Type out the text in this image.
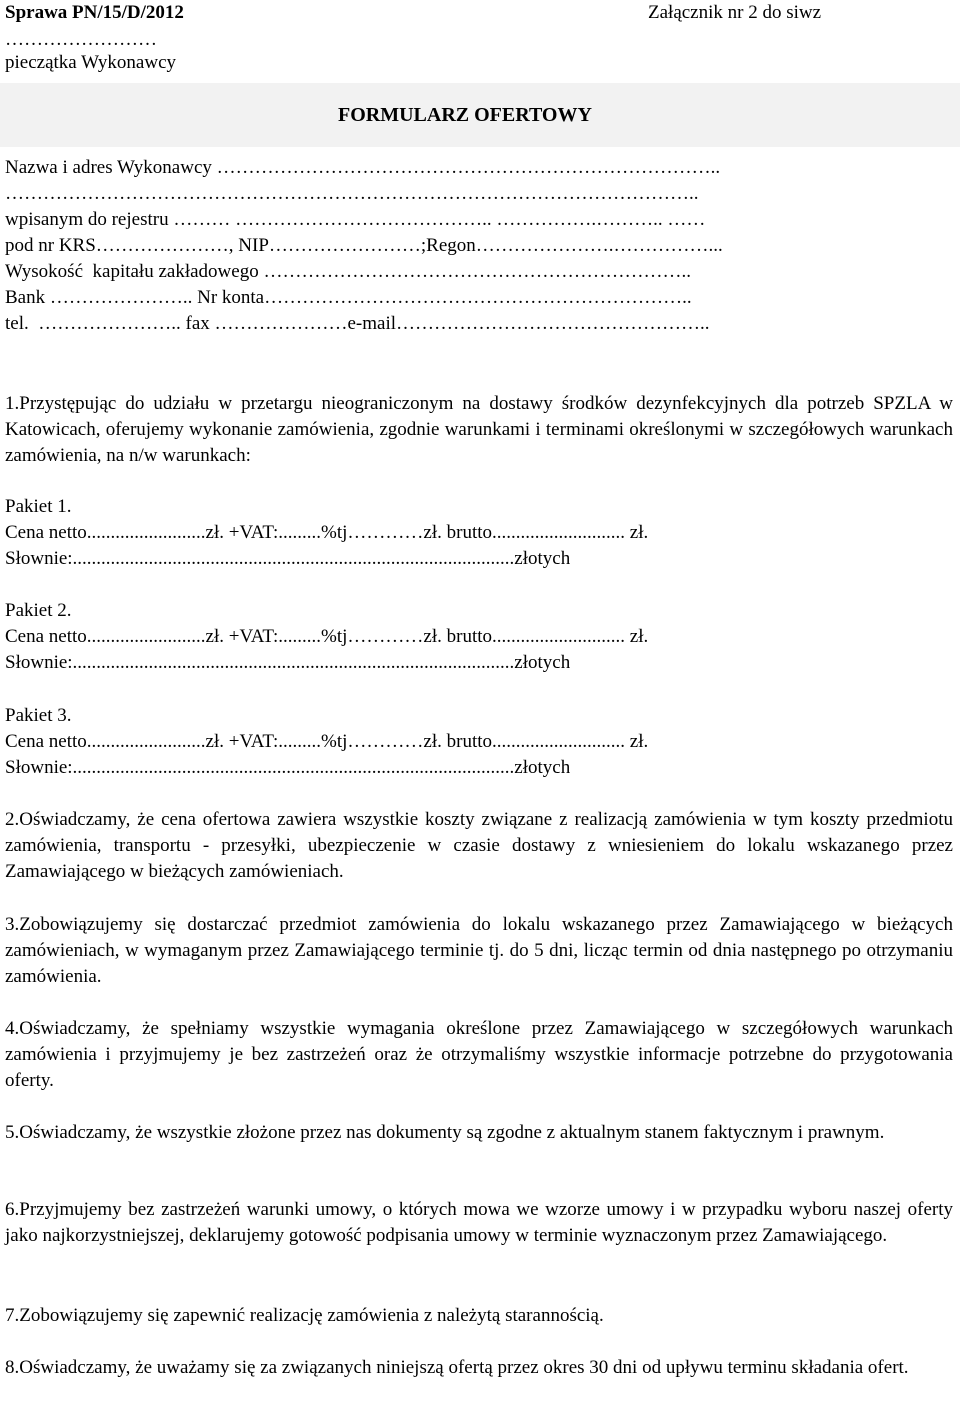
Sprawa PN/15/D/2012	Załącznik nr 2 do siwz
……………………
pieczątka Wykonawcy
FORMULARZ OFERTOWY
Nazwa i adres Wykonawcy ……………………………………………………………………..
………………………………………………………………………………………………..
wpisanym do rejestru ……… ………………………………….. …………….……….. ……
pod nr KRS…………………, NIP……………………;Regon………………….……………...
Wysokość  kapitału zakładowego …………………………………………………………..
Bank ………………….. Nr konta…………………………………………………………..
tel.  ………………….. fax …………………e-mail…………………………………………..
1.Przystępując do udziału w przetargu nieograniczonym na dostawy środków dezynfekcyjnych dla potrzeb SPZLA w Katowicach, oferujemy wykonanie zamówienia, zgodnie warunkami i terminami określonymi w szczegółowych warunkach zamówienia, na n/w warunkach:
Pakiet 1.
Cena netto.........................zł. +VAT:.........%tj…………zł. brutto............................ zł.
Słownie:.............................................................................................złotych
Pakiet 2.
Cena netto.........................zł. +VAT:.........%tj…………zł. brutto............................ zł.
Słownie:.............................................................................................złotych
Pakiet 3.
Cena netto.........................zł. +VAT:.........%tj…………zł. brutto............................ zł.
Słownie:.............................................................................................złotych
2.Oświadczamy, że cena ofertowa zawiera wszystkie koszty związane z realizacją zamówienia w tym koszty przedmiotu zamówienia, transportu - przesyłki, ubezpieczenie w czasie dostawy z wniesieniem do lokalu wskazanego przez Zamawiającego w bieżących zamówieniach.
3.Zobowiązujemy się dostarczać przedmiot zamówienia do lokalu wskazanego przez Zamawiającego w bieżących zamówieniach, w wymaganym przez Zamawiającego terminie tj. do 5 dni, licząc termin od dnia następnego po otrzymaniu zamówienia.
4.Oświadczamy, że spełniamy wszystkie wymagania określone przez Zamawiającego w szczegółowych warunkach zamówienia i przyjmujemy je bez zastrzeżeń oraz że otrzymaliśmy wszystkie informacje potrzebne do przygotowania oferty.
5.Oświadczamy, że wszystkie złożone przez nas dokumenty są zgodne z aktualnym stanem faktycznym i prawnym.
6.Przyjmujemy bez zastrzeżeń warunki umowy, o których mowa we wzorze umowy i w przypadku wyboru naszej oferty jako najkorzystniejszej, deklarujemy gotowość podpisania umowy w terminie wyznaczonym przez Zamawiającego.
7.Zobowiązujemy się zapewnić realizację zamówienia z należytą starannością.
8.Oświadczamy, że uważamy się za związanych niniejszą ofertą przez okres 30 dni od upływu terminu składania ofert.
